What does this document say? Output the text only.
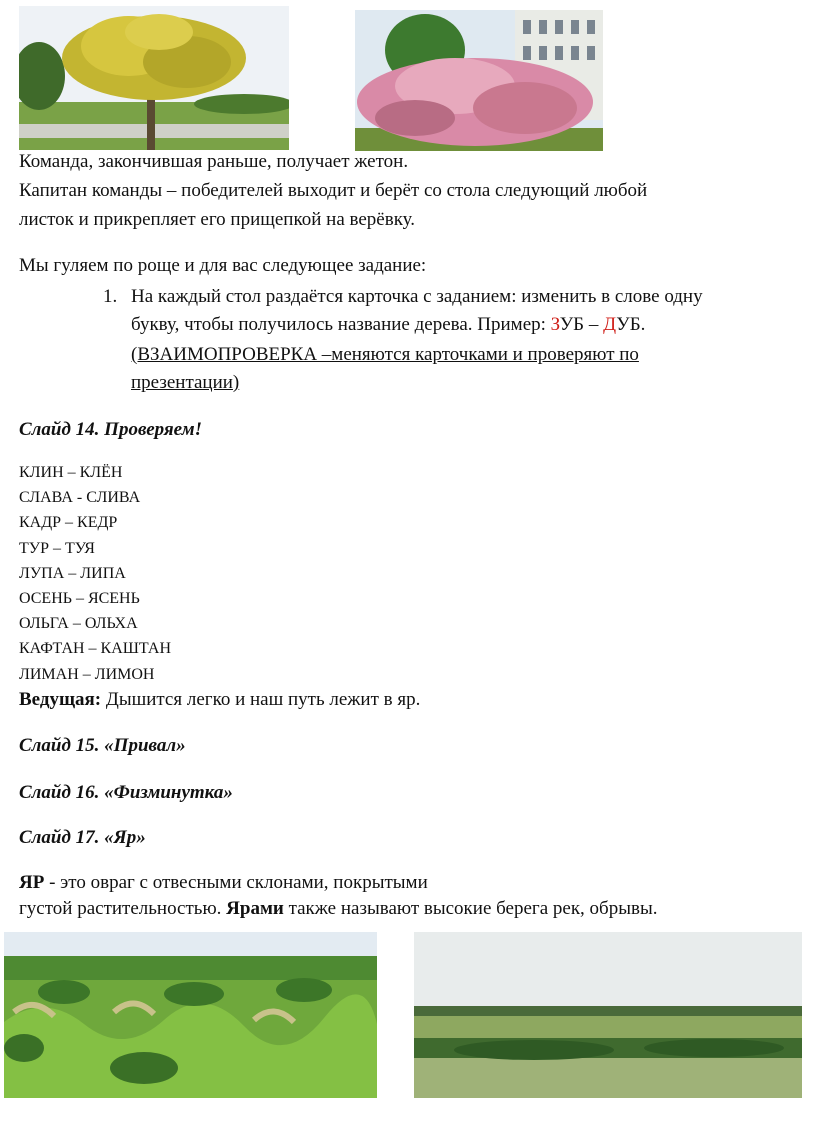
Команда, закончившая раньше, получает жетон.
Капитан команды – победителей выходит и берёт со стола следующий любой
листок и прикрепляет его прищепкой на верёвку.
Мы гуляем по роще и для вас следующее задание:
1. На каждый стол раздаётся карточка с заданием: изменить в слове одну
букву, чтобы получилось название дерева. Пример: ЗУБ – ДУБ.
(ВЗАИМОПРОВЕРКА –меняются карточками и проверяют по
презентации)
Слайд 14. Проверяем!
КЛИН – КЛЁН
СЛАВА - СЛИВА
КАДР – КЕДР
ТУР – ТУЯ
ЛУПА – ЛИПА
ОСЕНЬ – ЯСЕНЬ
ОЛЬГА – ОЛЬХА
КАФТАН – КАШТАН
ЛИМАН – ЛИМОН
Ведущая: Дышится легко и наш путь лежит в яр.
Слайд 15. «Привал»
Слайд 16. «Физминутка»
Слайд 17. «Яр»
ЯР - это овраг с отвесными склонами, покрытыми
густой растительностью. Ярами также называют высокие берега рек, обрывы.
